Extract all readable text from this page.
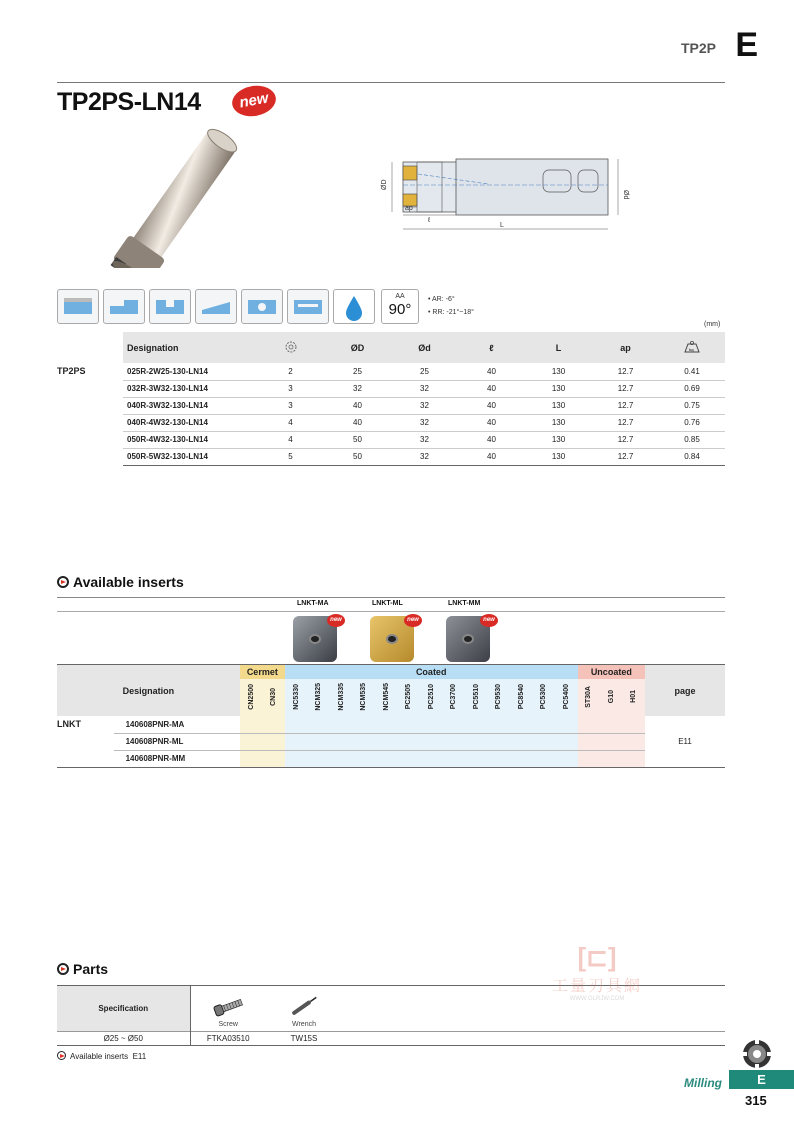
TP2P E
TP2PS-LN14	new
ØD
Ød
ap
ℓ
L
AA
90°
• AR: -6°
• RR: -21°~18°
(mm)
	Designation		ØD	Ød	ℓ	L	ap	kg

TP2PS	025R-2W25-130-LN14	2	25	25	40	130	12.7	0.41
	032R-3W32-130-LN14	3	32	32	40	130	12.7	0.69
	040R-3W32-130-LN14	3	40	32	40	130	12.7	0.75
	040R-4W32-130-LN14	4	40	32	40	130	12.7	0.76
	050R-4W32-130-LN14	4	50	32	40	130	12.7	0.85
	050R-5W32-130-LN14	5	50	32	40	130	12.7	0.84
Available inserts
LNKT-MA	LNKT-ML	LNKT-MM
new	new	new
Designation		Cermet		Coated													Uncoated			page
		CN2500	CN30	NC5330	NCM325	NCM335	NCM535	NCM545	PC2505	PC2510	PC3700	PC5510	PC9530	PC8540	PC5300	PC5400	ST30A	G10	H01	
LNKT	140608PNR-MA																			E11
	140608PNR-ML																			
	140608PNR-MM																			
Parts
Specification			
	Screw	Wrench	
Ø25 ~ Ø50	FTKA03510	TW15S	
Available inserts E11
[⊏]
工量刃具網
WWW.GLRJW.COM
Milling	E
315
